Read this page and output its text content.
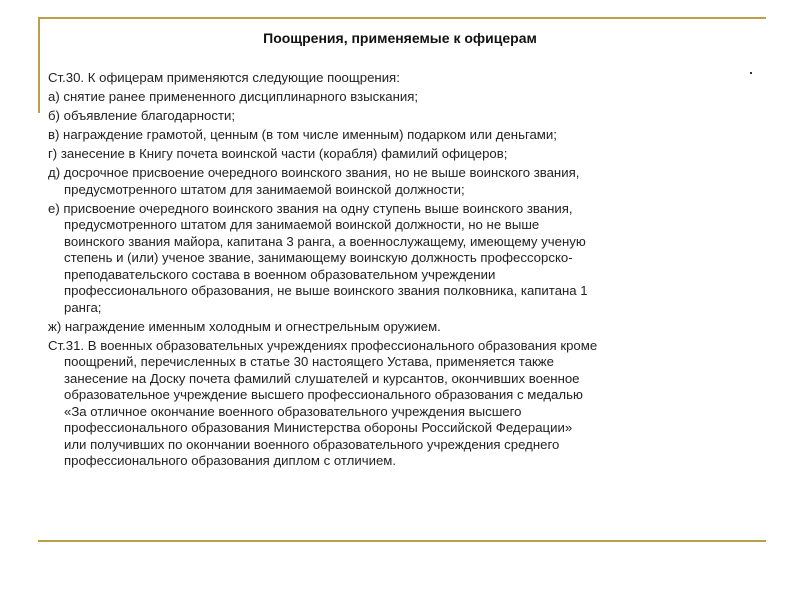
Поощрения, применяемые к офицерам

Ст.30. К офицерам применяются следующие поощрения:

а) снятие ранее примененного дисциплинарного взыскания;

б) объявление благодарности;

в) награждение грамотой, ценным (в том числе именным) подарком или деньгами;

г) занесение в Книгу почета воинской части (корабля) фамилий офицеров;

д) досрочное присвоение очередного воинского звания, но не выше воинского звания,
предусмотренного штатом для занимаемой воинской должности;

е) присвоение очередного воинского звания на одну ступень выше воинского звания,
предусмотренного штатом для занимаемой воинской должности, но не выше
воинского звания майора, капитана 3 ранга, а военнослужащему, имеющему ученую
степень и (или) ученое звание, занимающему воинскую должность профессорско-
преподавательского состава в военном образовательном учреждении
профессионального образования, не выше воинского звания полковника, капитана 1
ранга;

ж) награждение именным холодным и огнестрельным оружием.

Ст.31. В военных образовательных учреждениях профессионального образования кроме
поощрений, перечисленных в статье 30 настоящего Устава, применяется также
занесение на Доску почета фамилий слушателей и курсантов, окончивших военное
образовательное учреждение высшего профессионального образования с медалью
«За отличное окончание военного образовательного учреждения высшего
профессионального образования Министерства обороны Российской Федерации»
или получивших по окончании военного образовательного учреждения среднего
профессионального образования диплом с отличием.
